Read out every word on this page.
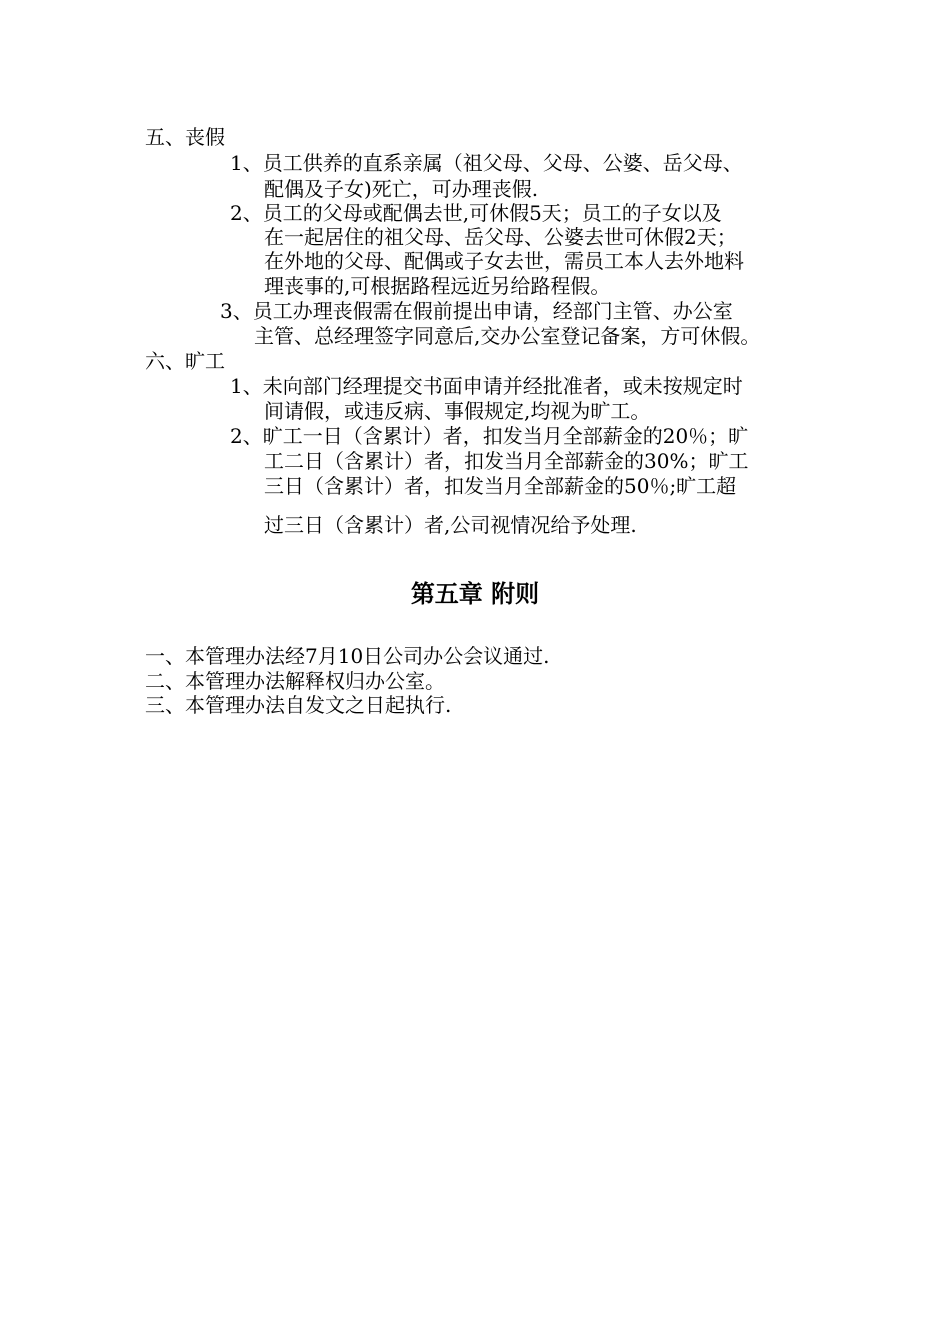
五、丧假
1、员工供养的直系亲属（祖父母、父母、公婆、岳父母、
配偶及子女)死亡，可办理丧假.
2、员工的父母或配偶去世,可休假5天；员工的子女以及
在一起居住的祖父母、岳父母、公婆去世可休假2天；
在外地的父母、配偶或子女去世，需员工本人去外地料
理丧事的,可根据路程远近另给路程假。
3、员工办理丧假需在假前提出申请，经部门主管、办公室
主管、总经理签字同意后,交办公室登记备案，方可休假。
六、旷工
1、未向部门经理提交书面申请并经批准者，或未按规定时
间请假，或违反病、事假规定,均视为旷工。
2、旷工一日（含累计）者，扣发当月全部薪金的20％；旷
工二日（含累计）者，扣发当月全部薪金的30%；旷工
三日（含累计）者，扣发当月全部薪金的50％;旷工超
过三日（含累计）者,公司视情况给予处理.
第五章 附则
一、本管理办法经7月10日公司办公会议通过.
二、本管理办法解释权归办公室。
三、本管理办法自发文之日起执行.
